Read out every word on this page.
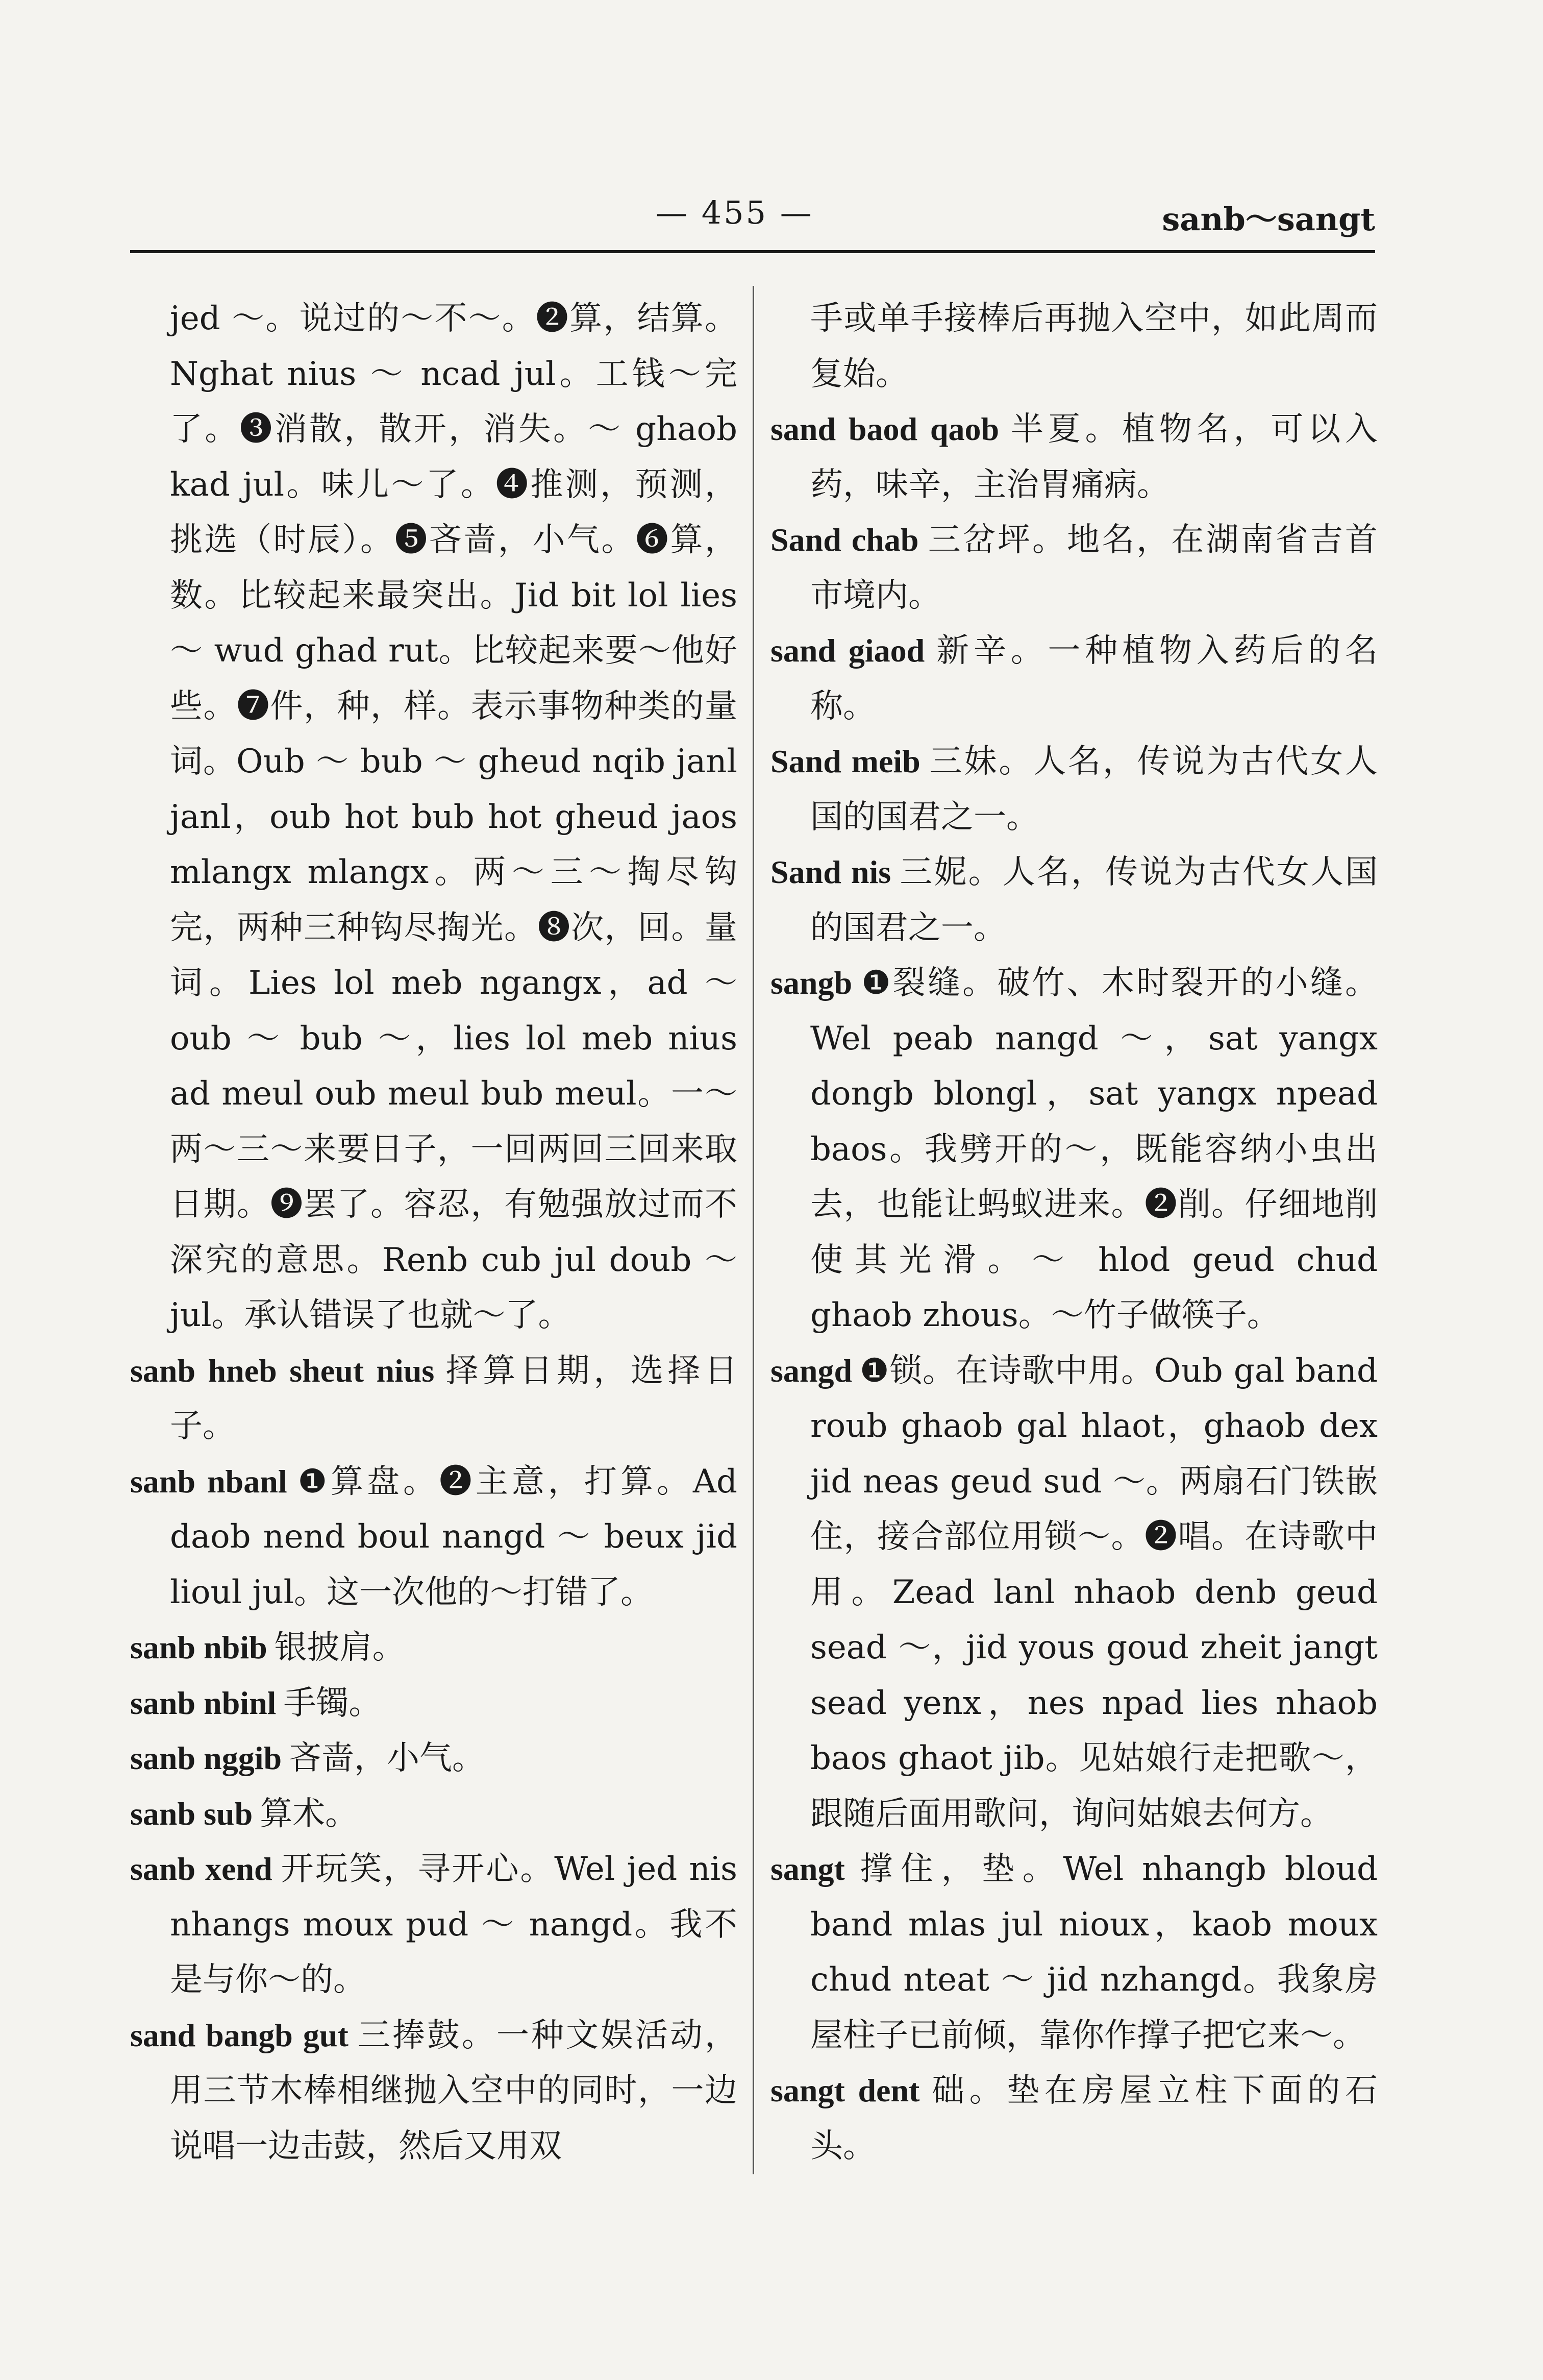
— 455 —	sanb～sangt

jed ～。说过的～不～。❷算，结算。Nghat nius ～ ncad jul。工钱～完了。❸消散，散开，消失。～ ghaob kad jul。味儿～了。❹推测，预测，挑选（时辰）。❺吝啬，小气。❻算，数。比较起来最突出。Jid bit lol lies ～ wud ghad rut。比较起来要～他好些。❼件，种，样。表示事物种类的量词。Oub ～ bub ～ gheud nqib janl janl，oub hot bub hot gheud jaos mlangx mlangx。两～三～掏尽钩完，两种三种钩尽掏光。❽次，回。量词。Lies lol meb ngangx，ad ～ oub ～ bub ～，lies lol meb nius ad meul oub meul bub meul。一～两～三～来要日子，一回两回三回来取日期。❾罢了。容忍，有勉强放过而不深究的意思。Renb cub jul doub ～ jul。承认错误了也就～了。

sanb hneb sheut nius 择算日期，选择日子。

sanb nbanl ❶算盘。❷主意，打算。Ad daob nend boul nangd ～ beux jid lioul jul。这一次他的～打错了。

sanb nbib 银披肩。

sanb nbinl 手镯。

sanb nggib 吝啬，小气。

sanb sub 算术。

sanb xend 开玩笑，寻开心。Wel jed nis nhangs moux pud ～ nangd。我不是与你～的。

sand bangb gut 三捧鼓。一种文娱活动，用三节木棒相继抛入空中的同时，一边说唱一边击鼓，然后又用双

手或单手接棒后再抛入空中，如此周而复始。

sand baod qaob 半夏。植物名，可以入药，味辛，主治胃痛病。

Sand chab 三岔坪。地名，在湖南省吉首市境内。

sand giaod 新辛。一种植物入药后的名称。

Sand meib 三妹。人名，传说为古代女人国的国君之一。

Sand nis 三妮。人名，传说为古代女人国的国君之一。

sangb ❶裂缝。破竹、木时裂开的小缝。Wel peab nangd ～，sat yangx dongb blongl，sat yangx npead baos。我劈开的～，既能容纳小虫出去，也能让蚂蚁进来。❷削。仔细地削使其光滑。～ hlod geud chud ghaob zhous。～竹子做筷子。

sangd ❶锁。在诗歌中用。Oub gal band roub ghaob gal hlaot，ghaob dex jid neas geud sud ～。两扇石门铁嵌住，接合部位用锁～。❷唱。在诗歌中用。Zead lanl nhaob denb geud sead ～，jid yous goud zheit jangt sead yenx，nes npad lies nhaob baos ghaot jib。见姑娘行走把歌～，跟随后面用歌问，询问姑娘去何方。

sangt 撑住，垫。Wel nhangb bloud band mlas jul nioux，kaob moux chud nteat ～ jid nzhangd。我象房屋柱子已前倾，靠你作撑子把它来～。

sangt dent 础。垫在房屋立柱下面的石头。
